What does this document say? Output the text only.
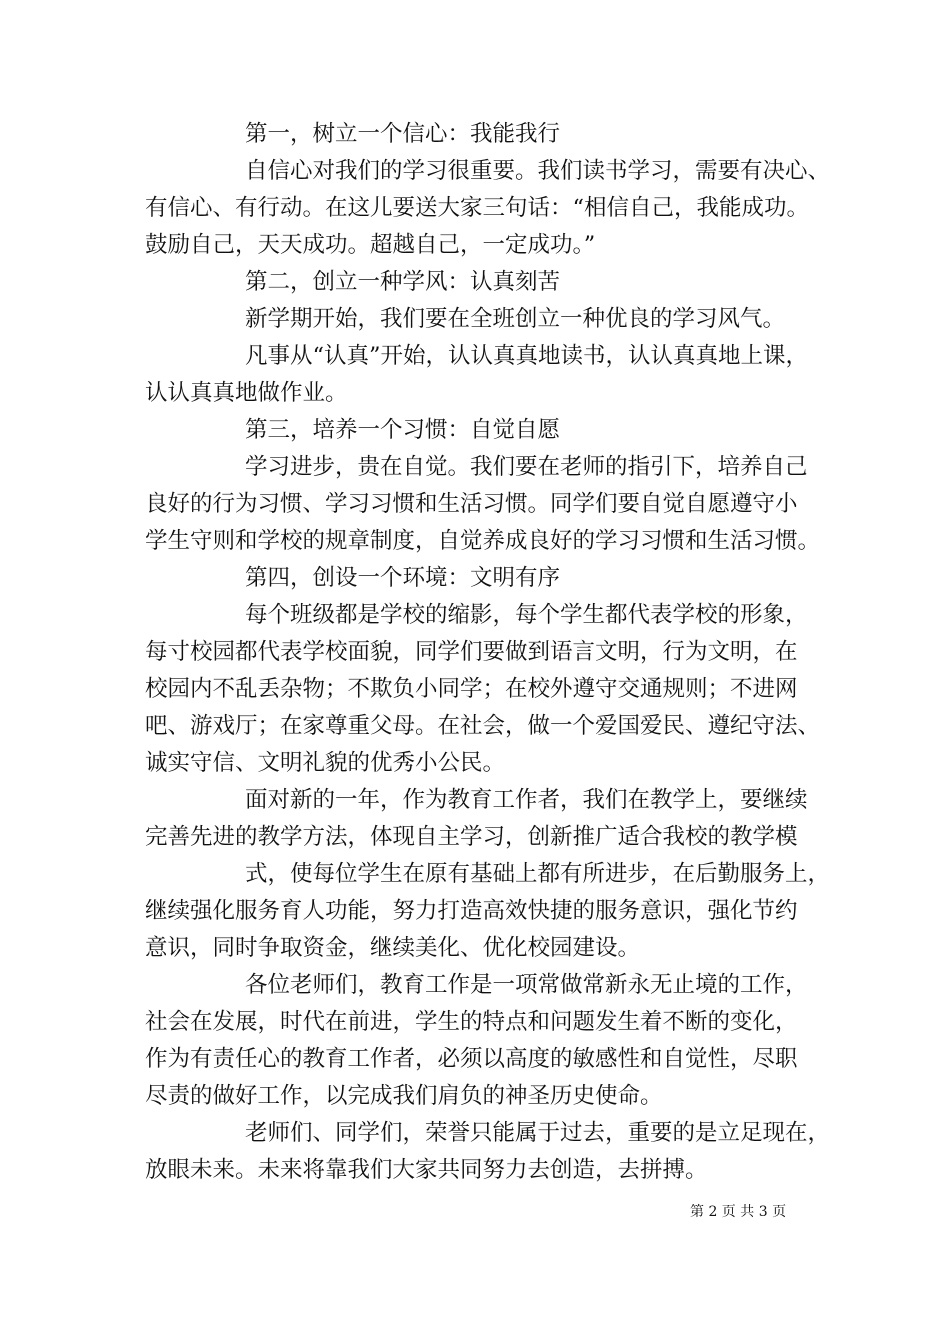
第一，树立一个信心：我能我行
自信心对我们的学习很重要。我们读书学习，需要有决心、
有信心、有行动。在这儿要送大家三句话：“相信自己，我能成功。
鼓励自己，天天成功。超越自己，一定成功。”
第二，创立一种学风：认真刻苦
新学期开始，我们要在全班创立一种优良的学习风气。
凡事从“认真”开始，认认真真地读书，认认真真地上课，
认认真真地做作业。
第三，培养一个习惯：自觉自愿
学习进步，贵在自觉。我们要在老师的指引下，培养自己
良好的行为习惯、学习习惯和生活习惯。同学们要自觉自愿遵守小
学生守则和学校的规章制度，自觉养成良好的学习习惯和生活习惯。
第四，创设一个环境：文明有序
每个班级都是学校的缩影，每个学生都代表学校的形象，
每寸校园都代表学校面貌，同学们要做到语言文明，行为文明，在
校园内不乱丢杂物；不欺负小同学；在校外遵守交通规则；不进网
吧、游戏厅；在家尊重父母。在社会，做一个爱国爱民、遵纪守法、
诚实守信、文明礼貌的优秀小公民。
面对新的一年，作为教育工作者，我们在教学上，要继续
完善先进的教学方法，体现自主学习，创新推广适合我校的教学模
式，使每位学生在原有基础上都有所进步，在后勤服务上，
继续强化服务育人功能，努力打造高效快捷的服务意识，强化节约
意识，同时争取资金，继续美化、优化校园建设。
各位老师们，教育工作是一项常做常新永无止境的工作，
社会在发展，时代在前进，学生的特点和问题发生着不断的变化，
作为有责任心的教育工作者，必须以高度的敏感性和自觉性，尽职
尽责的做好工作，以完成我们肩负的神圣历史使命。
老师们、同学们，荣誉只能属于过去，重要的是立足现在，
放眼未来。未来将靠我们大家共同努力去创造，去拼搏。
第 2 页 共 3 页
